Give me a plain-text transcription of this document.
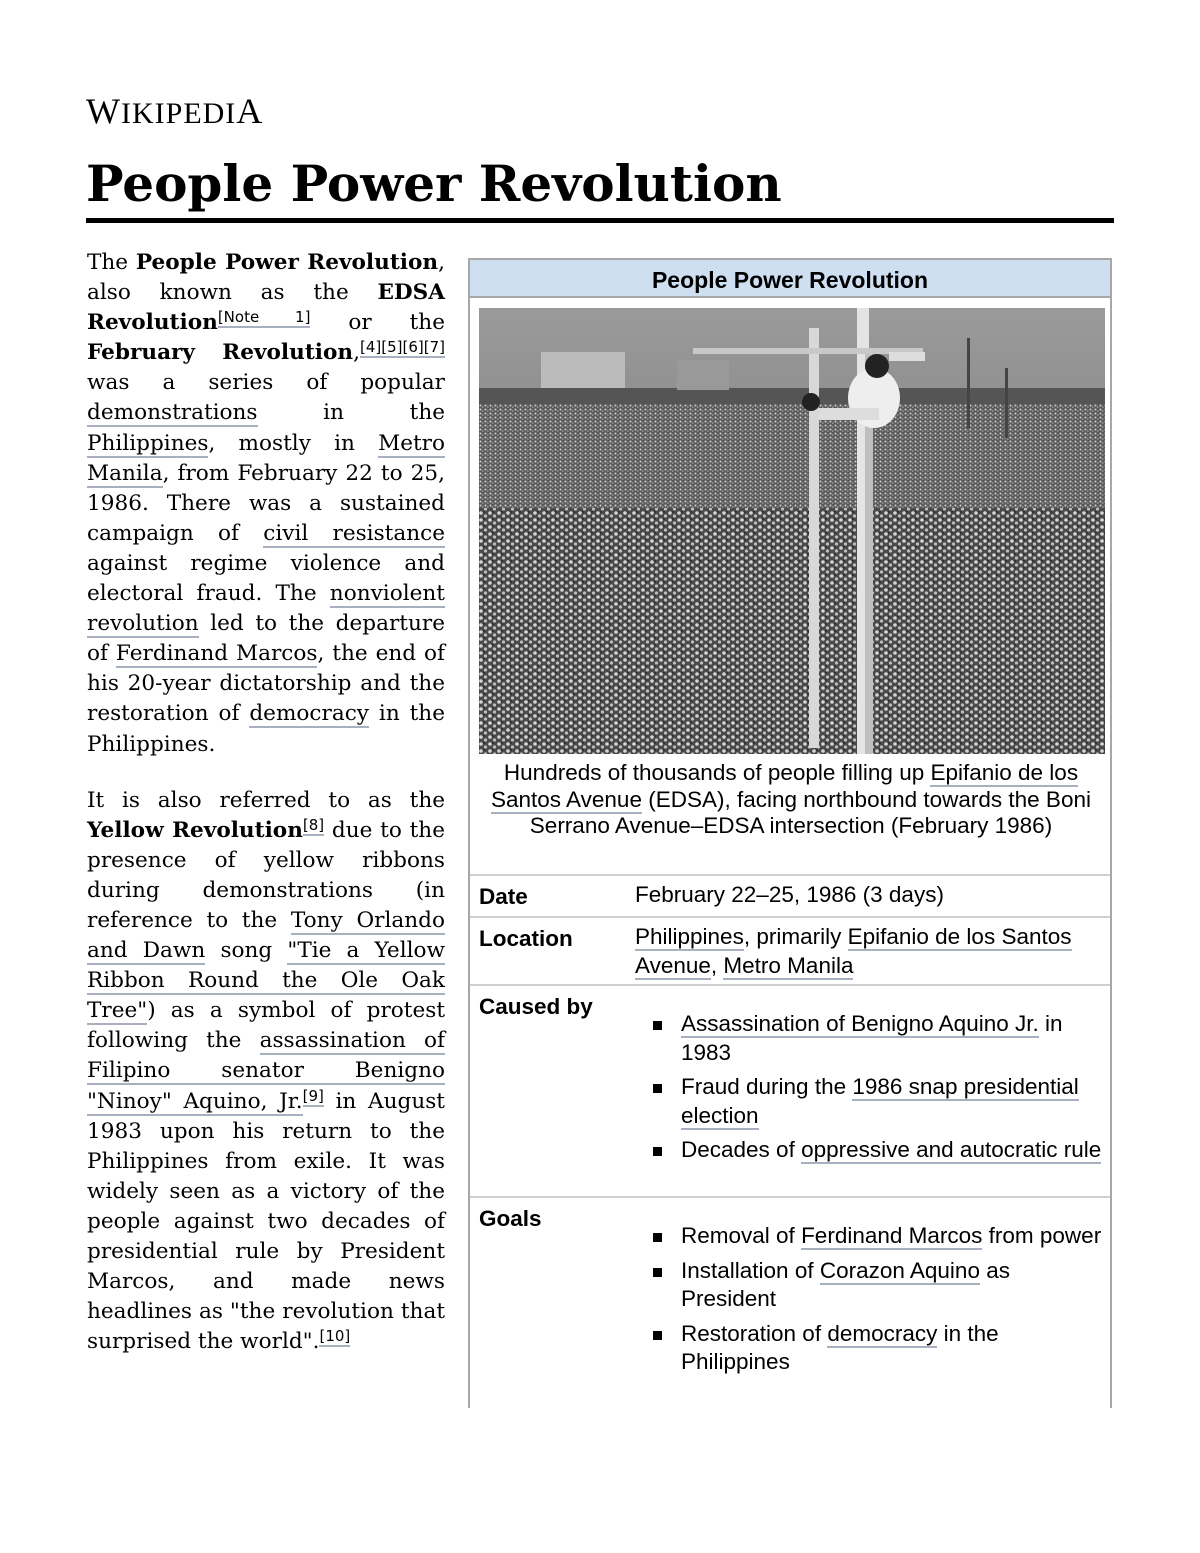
WIKIPEDIA
People Power Revolution

The People Power Revolution, also known as the EDSA Revolution[Note 1] or the February Revolution,[4][5][6][7] was a series of popular demonstrations in the Philippines, mostly in Metro Manila, from February 22 to 25, 1986. There was a sustained campaign of civil resistance against regime violence and electoral fraud. The nonviolent revolution led to the departure of Ferdinand Marcos, the end of his 20-year dictatorship and the restoration of democracy in the Philippines.

It is also referred to as the Yellow Revolution[8] due to the presence of yellow ribbons during demonstrations (in reference to the Tony Orlando and Dawn song "Tie a Yellow Ribbon Round the Ole Oak Tree") as a symbol of protest following the assassination of Filipino senator Benigno "Ninoy" Aquino, Jr.[9] in August 1983 upon his return to the Philippines from exile. It was widely seen as a victory of the people against two decades of presidential rule by President Marcos, and made news headlines as "the revolution that surprised the world".[10]

People Power Revolution
Hundreds of thousands of people filling up Epifanio de los Santos Avenue (EDSA), facing northbound towards the Boni Serrano Avenue–EDSA intersection (February 1986)
Date	February 22–25, 1986 (3 days)
Location	Philippines, primarily Epifanio de los Santos Avenue, Metro Manila
Caused by
Assassination of Benigno Aquino Jr. in 1983
Fraud during the 1986 snap presidential election
Decades of oppressive and autocratic rule
Goals
Removal of Ferdinand Marcos from power
Installation of Corazon Aquino as President
Restoration of democracy in the Philippines
